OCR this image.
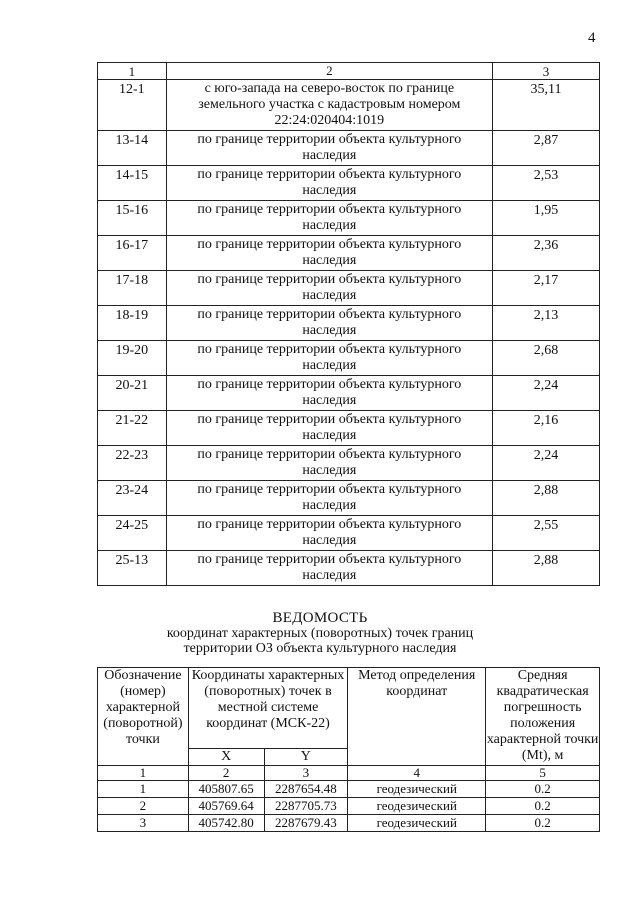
4
1	2	3
12-1	с юго-запада на северо-восток по границе земельного участка с кадастровым номером 22:24:020404:1019	35,11
13-14	по границе территории объекта культурного наследия	2,87
14-15	по границе территории объекта культурного наследия	2,53
15-16	по границе территории объекта культурного наследия	1,95
16-17	по границе территории объекта культурного наследия	2,36
17-18	по границе территории объекта культурного наследия	2,17
18-19	по границе территории объекта культурного наследия	2,13
19-20	по границе территории объекта культурного наследия	2,68
20-21	по границе территории объекта культурного наследия	2,24
21-22	по границе территории объекта культурного наследия	2,16
22-23	по границе территории объекта культурного наследия	2,24
23-24	по границе территории объекта культурного наследия	2,88
24-25	по границе территории объекта культурного наследия	2,55
25-13	по границе территории объекта культурного наследия	2,88
ВЕДОМОСТЬ
координат характерных (поворотных) точек границ
территории ОЗ объекта культурного наследия
Обозначение (номер) характерной (поворотной) точки	Координаты характерных (поворотных) точек в местной системе координат (МСК-22)		Метод определения координат	Средняя квадратическая погрешность положения характерной точки (Mt), м
	X	Y		
1	2	3	4	5
1	405807.65	2287654.48	геодезический	0.2
2	405769.64	2287705.73	геодезический	0.2
3	405742.80	2287679.43	геодезический	0.2
